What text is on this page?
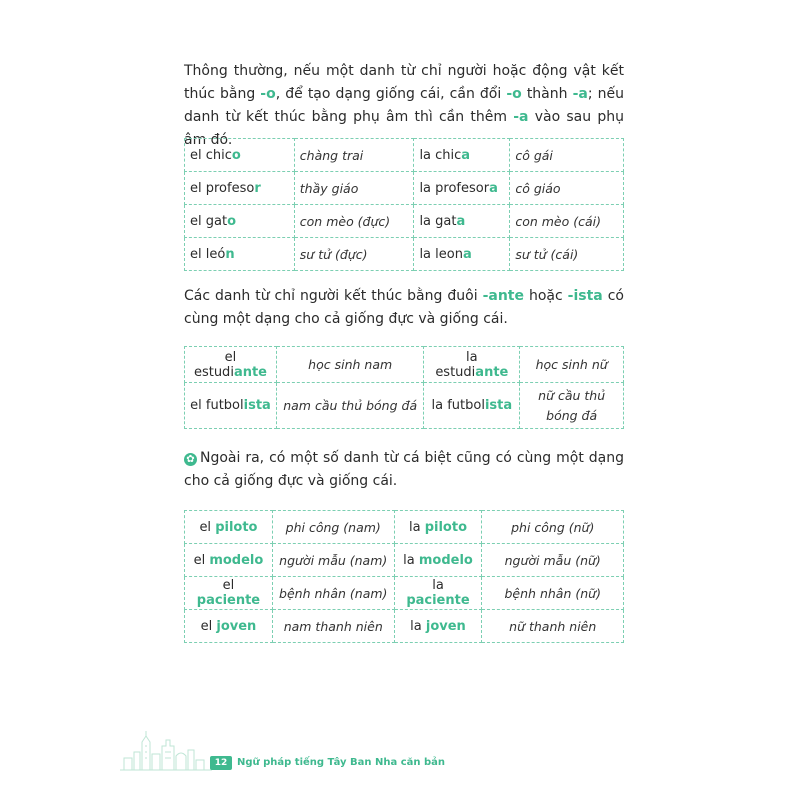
Thông thường, nếu một danh từ chỉ người hoặc động vật kết thúc bằng -o, để tạo dạng giống cái, cần đổi -o thành -a; nếu danh từ kết thúc bằng phụ âm thì cần thêm -a vào sau phụ âm đó.

el chico	chàng trai	la chica	cô gái
el profesor	thầy giáo	la profesora	cô giáo
el gato	con mèo (đực)	la gata	con mèo (cái)
el león	sư tử (đực)	la leona	sư tử (cái)

Các danh từ chỉ người kết thúc bằng đuôi -ante hoặc -ista có cùng một dạng cho cả giống đực và giống cái.

el estudiante	học sinh nam	la estudiante	học sinh nữ
el futbolista	nam cầu thủ bóng đá	la futbolista	nữ cầu thủ bóng đá

✿ Ngoài ra, có một số danh từ cá biệt cũng có cùng một dạng cho cả giống đực và giống cái.

el piloto	phi công (nam)	la piloto	phi công (nữ)
el modelo	người mẫu (nam)	la modelo	người mẫu (nữ)
el paciente	bệnh nhân (nam)	la paciente	bệnh nhân (nữ)
el joven	nam thanh niên	la joven	nữ thanh niên
12 Ngữ pháp tiếng Tây Ban Nha căn bản
